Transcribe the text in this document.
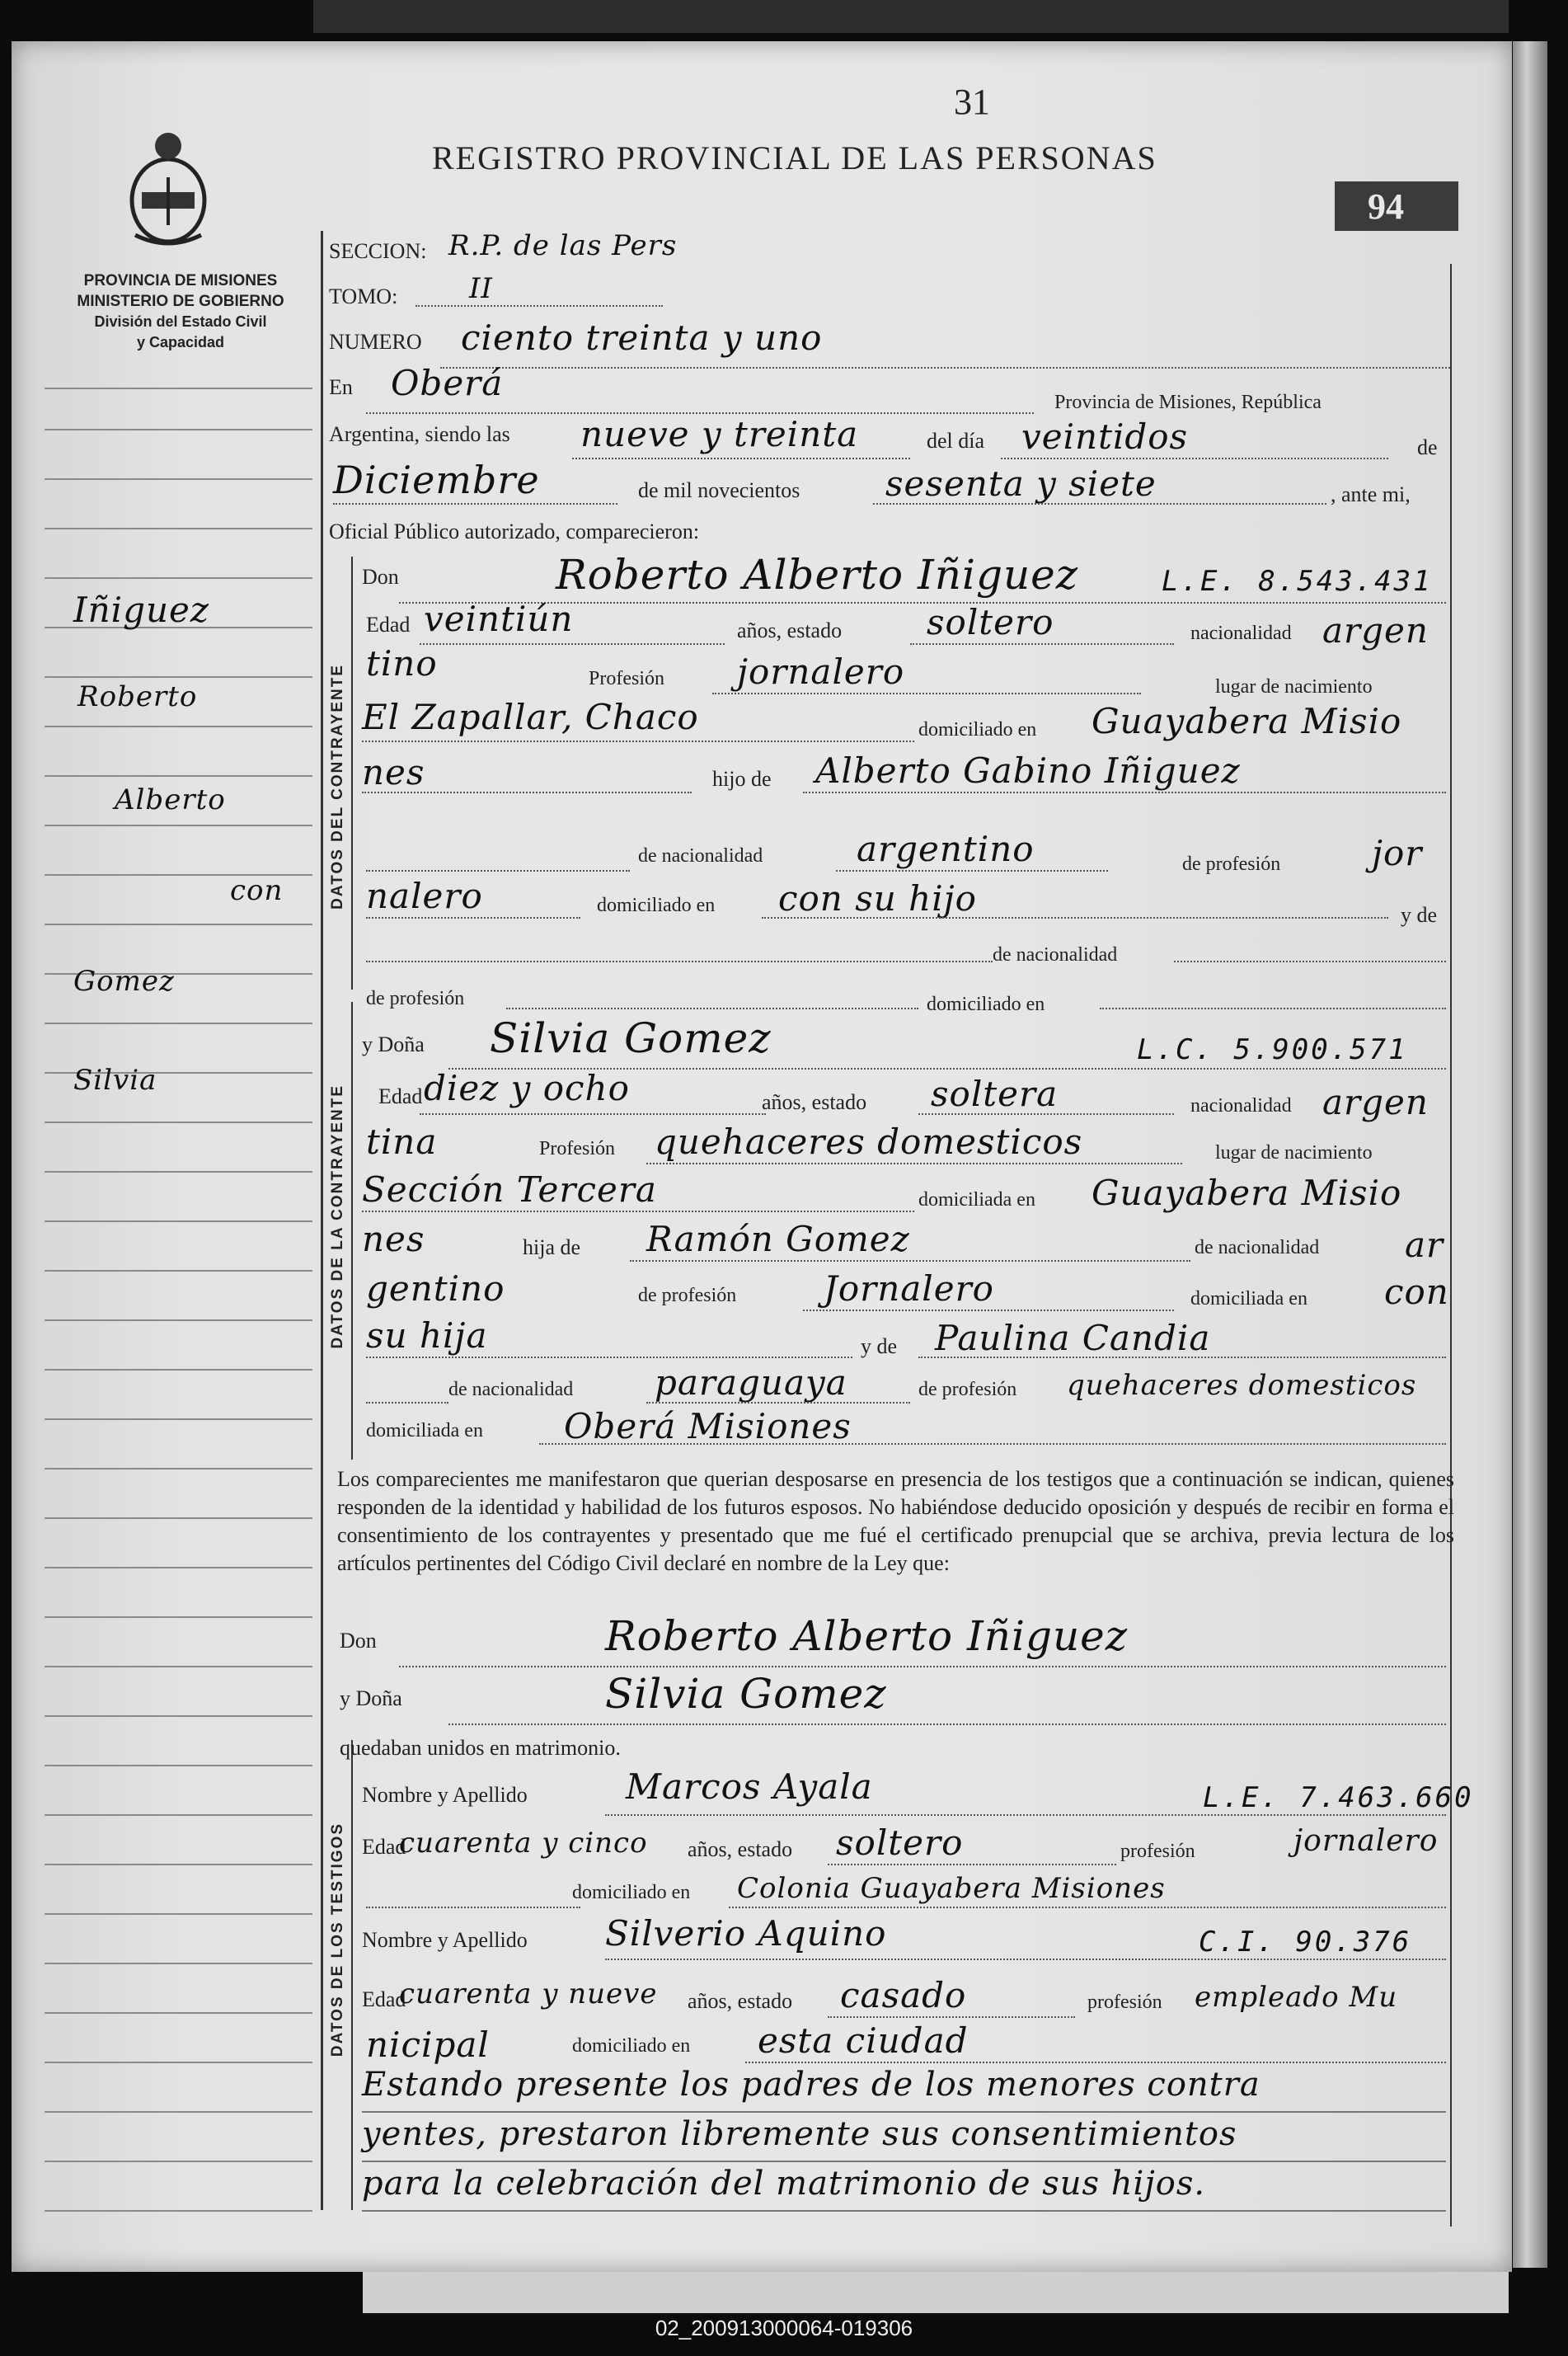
31
REGISTRO PROVINCIAL DE LAS PERSONAS
94
PROVINCIA DE MISIONES
MINISTERIO DE GOBIERNO
División del Estado Civil
y Capacidad
Iñiguez
Roberto
Alberto
con
Gomez
Silvia
DATOS DEL CONTRAYENTE
DATOS DE LA CONTRAYENTE
DATOS DE LOS TESTIGOS
SECCION: R.P. de las Pers
TOMO:	II
NUMERO ciento treinta y uno
En Oberá	Provincia de Misiones, República
Argentina, siendo las nueve y treinta	del día veintidos	de
Diciembre	de mil novecientos sesenta y siete	, ante mi,
Oficial Público autorizado, comparecieron:
Don	Roberto Alberto Iñiguez	L.E. 8.543.431
Edad veintiún	años, estado soltero	nacionalidad argen
tino	Profesión jornalero	lugar de nacimiento
El Zapallar, Chaco	domiciliado en Guayabera Misio
nes	hijo de Alberto Gabino Iñiguez
de nacionalidad	argentino	de profesión	jor
nalero	domiciliado en con su hijo	y de
de nacionalidad
de profesión	domiciliado en
y Doña Silvia Gomez	L.C. 5.900.571
Edad diez y ocho	años, estado soltera	nacionalidad argen
tina	Profesión quehaceres domesticos	lugar de nacimiento
Sección Tercera	domiciliada en Guayabera Misio
nes	hija de Ramón Gomez	de nacionalidad ar
gentino	de profesión	Jornalero	domiciliada en con
su hija	y de Paulina Candia
de nacionalidad paraguaya	de profesión quehaceres domesticos
domiciliada en Oberá Misiones
Los comparecientes me manifestaron que querian desposarse en presencia de los testigos que a continuación se indican, quienes responden de la identidad y habilidad de los futuros esposos. No habiéndose deducido oposición y después de recibir en forma el consentimiento de los contrayentes y presentado que me fué el certificado prenupcial que se archiva, previa lectura de los artículos pertinentes del Código Civil declaré en nombre de la Ley que:
Don	Roberto Alberto Iñiguez
y Doña	Silvia Gomez
quedaban unidos en matrimonio.
Nombre y Apellido	Marcos Ayala	L.E. 7.463.660
Edad
cuarenta y cinco años, estado soltero	profesión	jornalero
domiciliado en Colonia Guayabera Misiones
Nombre y Apellido Silverio Aquino	C.I. 90.376
Edad
cuarenta y nueve años, estado casado	profesión empleado Mu
nicipal	domiciliado en esta ciudad
Estando presente los padres de los menores contra
yentes, prestaron libremente sus consentimientos
para la celebración del matrimonio de sus hijos.
02_200913000064-019306
